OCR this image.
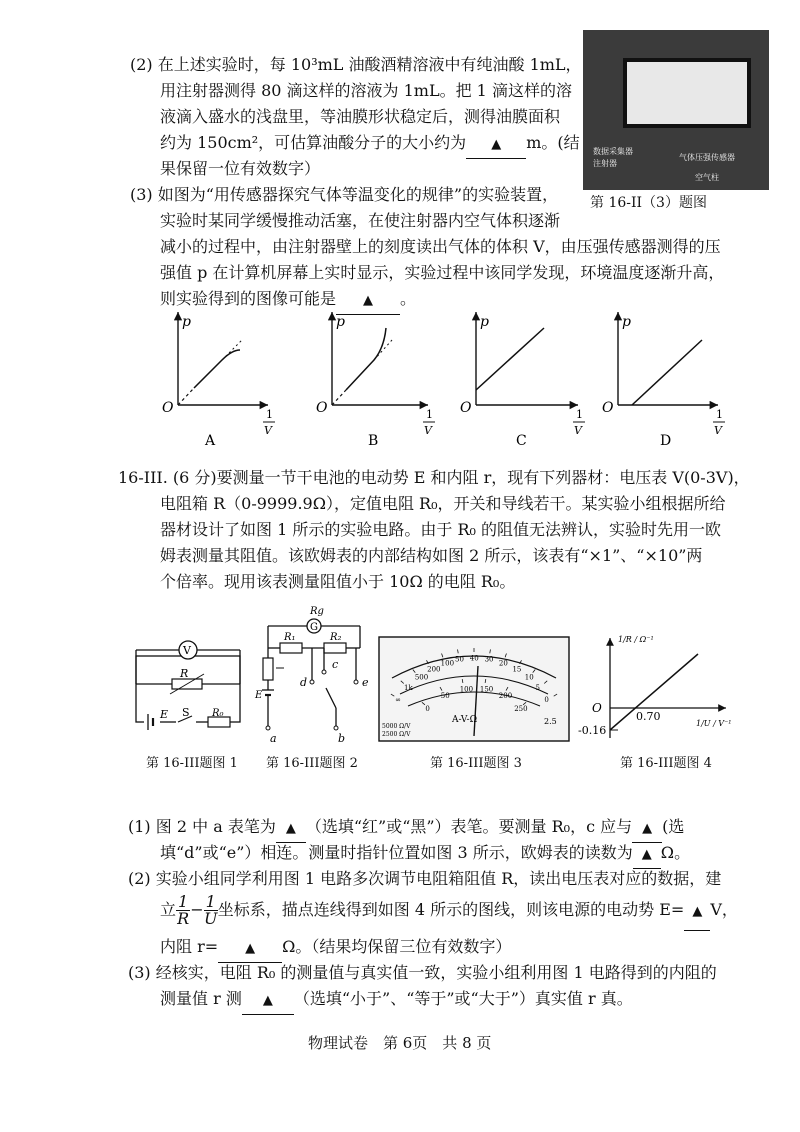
(2) 在上述实验时，每 10³mL 油酸酒精溶液中有纯油酸 1mL，
用注射器测得 80 滴这样的溶液为 1mL。把 1 滴这样的溶
液滴入盛水的浅盘里，等油膜形状稳定后，测得油膜面积
约为 150cm²，可估算油酸分子的大小约为 ▲ m。(结
果保留一位有效数字）
数据采集器
注射器
气体压强传感器
空气柱
第 16-II（3）题图
(3) 如图为“用传感器探究气体等温变化的规律”的实验装置，
实验时某同学缓慢推动活塞，在使注射器内空气体积逐渐
减小的过程中，由注射器壁上的刻度读出气体的体积 V，由压强传感器测得的压
强值 p 在计算机屏幕上实时显示，实验过程中该同学发现，环境温度逐渐升高，
则实验得到的图像可能是 ▲ 。
p
O	1
V
A
p
O	1
V
B
p
O	1
V
C
p
O	1
V
D
16-III. (6 分)要测量一节干电池的电动势 E 和内阻 r，现有下列器材：电压表 V(0-3V)，
电阻箱 R（0-9999.9Ω），定值电阻 R₀，开关和导线若干。某实验小组根据所给
器材设计了如图 1 所示的实验电路。由于 R₀ 的阻值无法辨认，实验时先用一欧
姆表测量其阻值。该欧姆表的内部结构如图 2 所示，该表有“×1”、“×10”两
个倍率。现用该表测量阻值小于 10Ω 的电阻 R₀。
V
R
E S R₀
第 16-III题图 1
Rg
G
R₁	R₂
E
d
c
e
a	b
第 16-III题图 2
∞
1k
500
200
100 50 40 30 20
15
10
5
0
0
50
100 150
200
250
A-V-Ω
5000 Ω/V
2500 Ω/V
2.5
第 16-III题图 3
1/R / Ω⁻¹
1/U / V⁻¹
O
0.70
-0.16
第 16-III题图 4
(1) 图 2 中 a 表笔为 ▲ （选填“红”或“黑”）表笔。要测量 R₀，c 应与 ▲ (选
填“d”或“e”）相连。测量时指针位置如图 3 所示，欧姆表的读数为 ▲ Ω。
(2) 实验小组同学利用图 1 电路多次调节电阻箱阻值 R，读出电压表对应的数据，建
立 $\frac{1}{R} - \frac{1}{U}$ 坐标系，描点连线得到如图 4 所示的图线，则该电源的电动势 E= ▲ V，
内阻 r= ▲ Ω。（结果均保留三位有效数字）
(3) 经核实，电阻 R₀ 的测量值与真实值一致，实验小组利用图 1 电路得到的内阻的
测量值 r 测 ▲ （选填“小于”、“等于”或“大于”）真实值 r 真。
物理试卷　第 6页　共 8 页
